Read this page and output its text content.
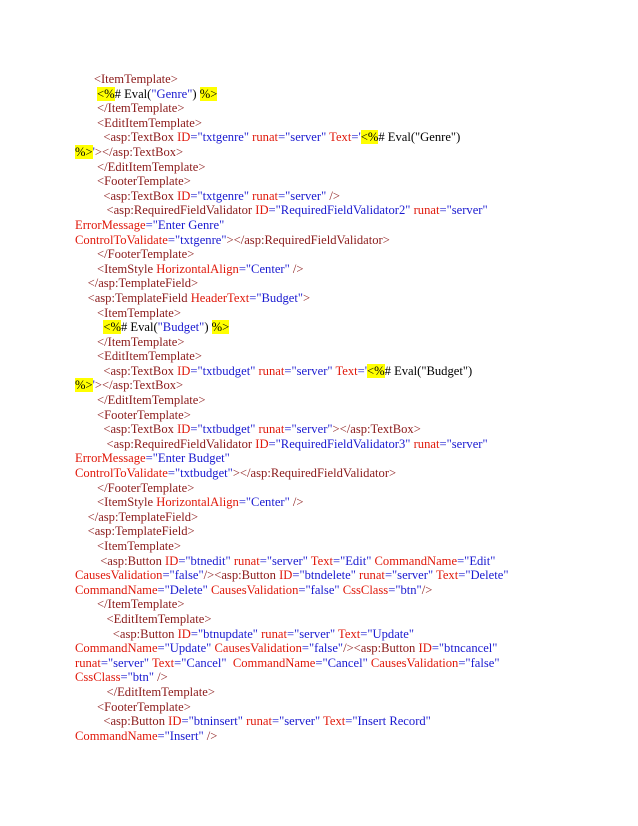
<ItemTemplate>
<%# Eval("Genre") %>
</ItemTemplate>
<EditItemTemplate>
<asp:TextBox ID="txtgenre" runat="server" Text='<%# Eval("Genre")
%>'></asp:TextBox>
</EditItemTemplate>
<FooterTemplate>
<asp:TextBox ID="txtgenre" runat="server" />
<asp:RequiredFieldValidator ID="RequiredFieldValidator2" runat="server"
ErrorMessage="Enter Genre"
ControlToValidate="txtgenre"></asp:RequiredFieldValidator>
</FooterTemplate>
<ItemStyle HorizontalAlign="Center" />
</asp:TemplateField>
<asp:TemplateField HeaderText="Budget">
<ItemTemplate>
<%# Eval("Budget") %>
</ItemTemplate>
<EditItemTemplate>
<asp:TextBox ID="txtbudget" runat="server" Text='<%# Eval("Budget")
%>'></asp:TextBox>
</EditItemTemplate>
<FooterTemplate>
<asp:TextBox ID="txtbudget" runat="server"></asp:TextBox>
<asp:RequiredFieldValidator ID="RequiredFieldValidator3" runat="server"
ErrorMessage="Enter Budget"
ControlToValidate="txtbudget"></asp:RequiredFieldValidator>
</FooterTemplate>
<ItemStyle HorizontalAlign="Center" />
</asp:TemplateField>
<asp:TemplateField>
<ItemTemplate>
<asp:Button ID="btnedit" runat="server" Text="Edit" CommandName="Edit"
CausesValidation="false"/><asp:Button ID="btndelete" runat="server" Text="Delete"
CommandName="Delete" CausesValidation="false" CssClass="btn"/>
</ItemTemplate>
<EditItemTemplate>
<asp:Button ID="btnupdate" runat="server" Text="Update"
CommandName="Update" CausesValidation="false"/><asp:Button ID="btncancel"
runat="server" Text="Cancel"  CommandName="Cancel" CausesValidation="false"
CssClass="btn" />
</EditItemTemplate>
<FooterTemplate>
<asp:Button ID="btninsert" runat="server" Text="Insert Record"
CommandName="Insert" />
